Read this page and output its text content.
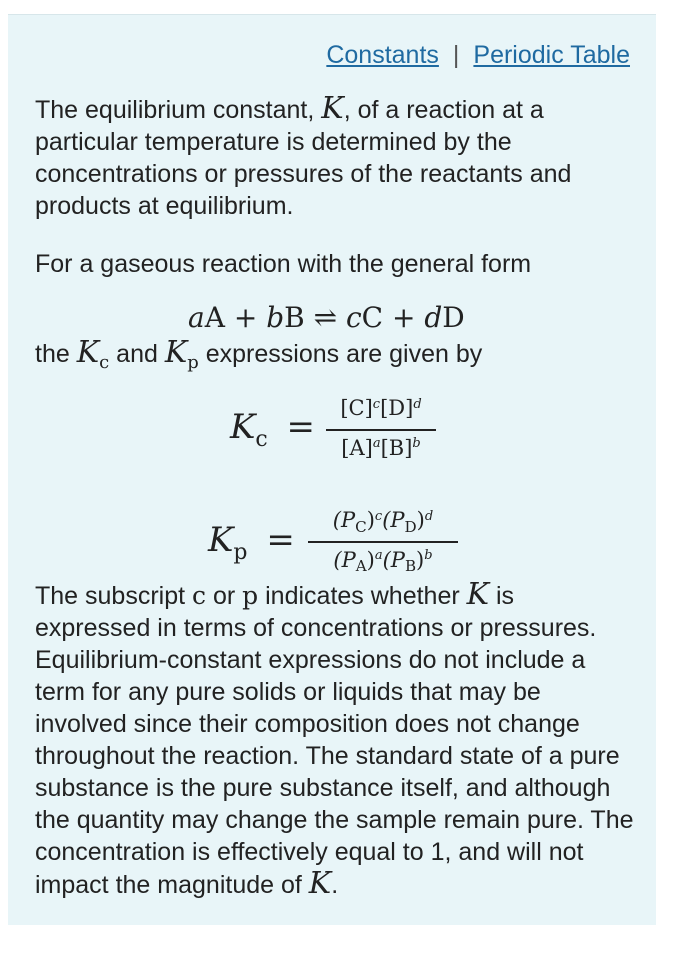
Constants | Periodic Table
The equilibrium constant, K, of a reaction at a particular temperature is determined by the concentrations or pressures of the reactants and products at equilibrium.
For a gaseous reaction with the general form
aA + bB ⇌ cC + dD
the $K_c$ and $K_p$ expressions are given by
$K_c$ =	$[C]^c[D]^d$
$[A]^a[B]^b$
$K_p$ =	$(P_C)^c(P_D)^d$
$(P_A)^a(P_B)^b$
The subscript c or p indicates whether K is expressed in terms of concentrations or pressures. Equilibrium-constant expressions do not include a term for any pure solids or liquids that may be involved since their composition does not change throughout the reaction. The standard state of a pure substance is the pure substance itself, and although the quantity may change the sample remain pure. The concentration is effectively equal to 1, and will not impact the magnitude of K.
